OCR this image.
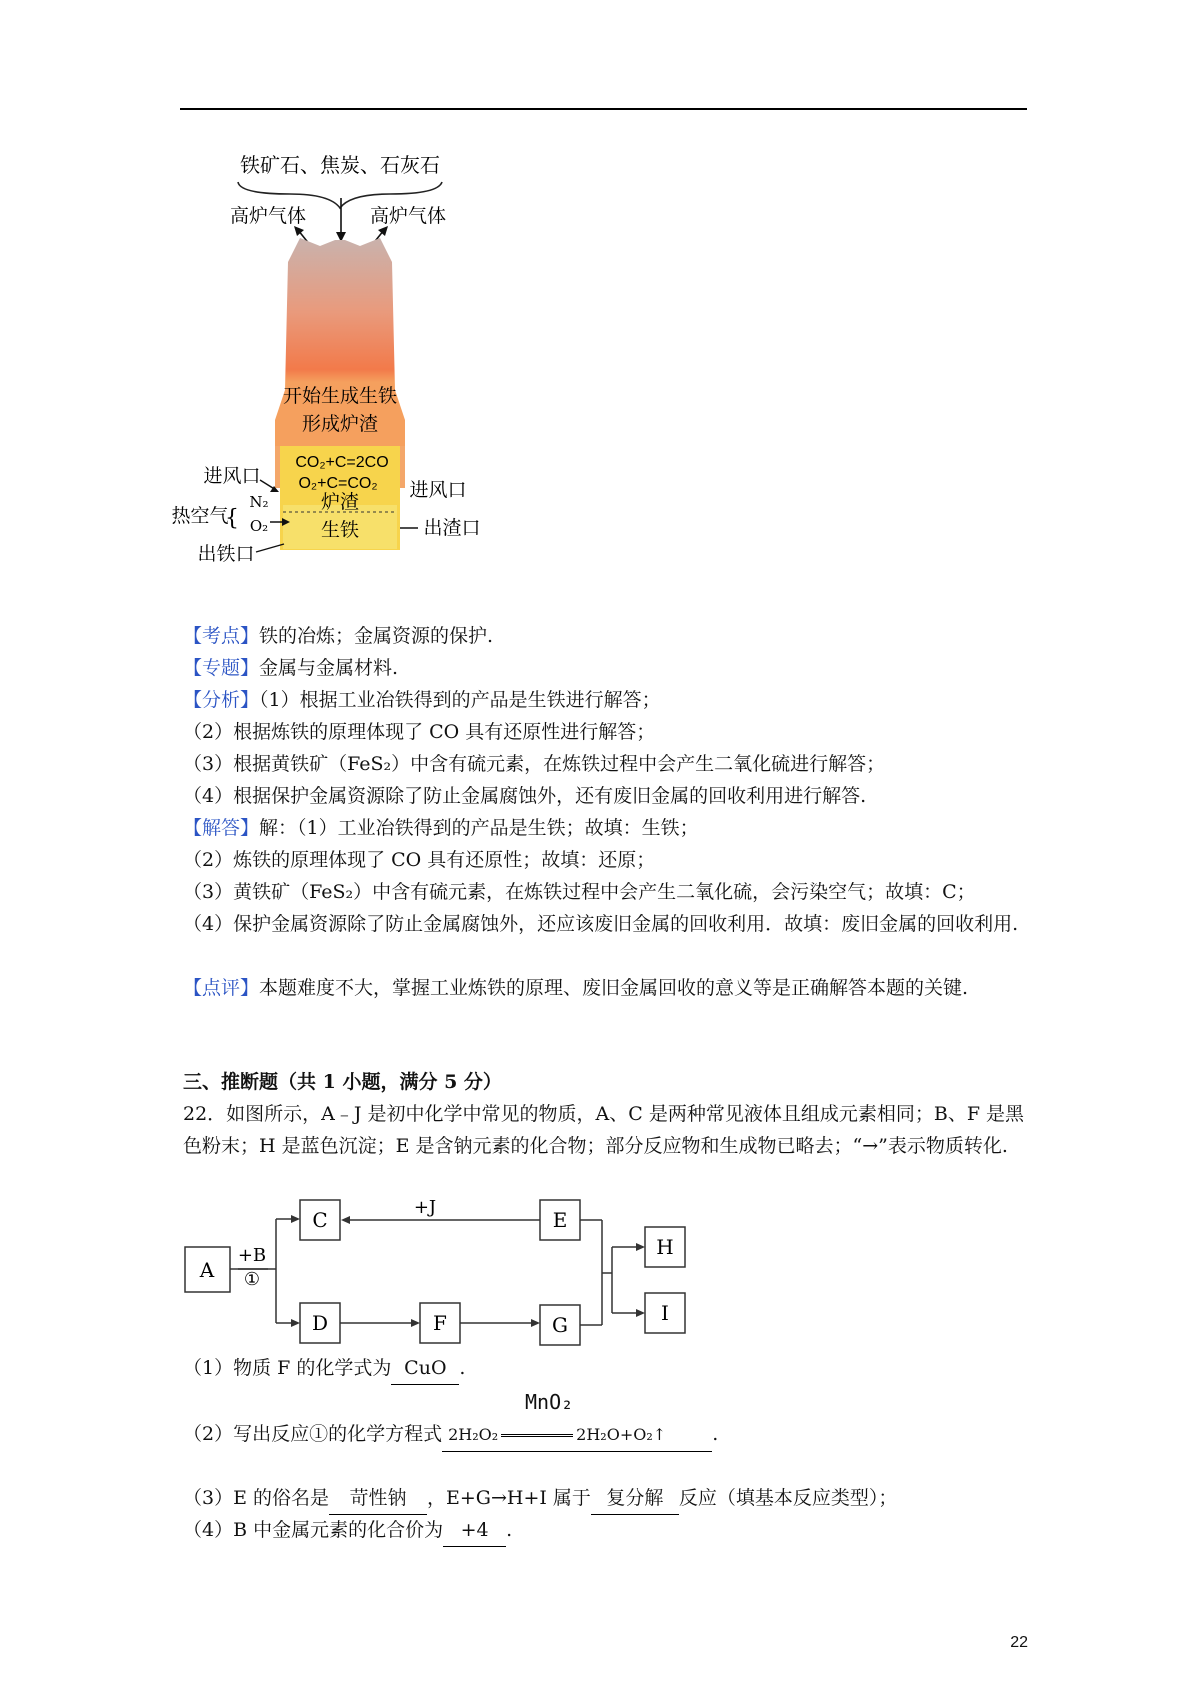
铁矿石、焦炭、石灰石
高炉气体	高炉气体
开始生成生铁
形成炉渣
CO₂+C=2CO
O₂+C=CO₂
炉渣
生铁
进风口
进风口
热空气
{
N₂
O₂	出渣口
出铁口
【考点】铁的冶炼；金属资源的保护.
【专题】金属与金属材料.
【分析】（1）根据工业冶铁得到的产品是生铁进行解答；
（2）根据炼铁的原理体现了 CO 具有还原性进行解答；
（3）根据黄铁矿（FeS₂）中含有硫元素，在炼铁过程中会产生二氧化硫进行解答；
（4）根据保护金属资源除了防止金属腐蚀外，还有废旧金属的回收利用进行解答.
【解答】解：（1）工业冶铁得到的产品是生铁；故填：生铁；
（2）炼铁的原理体现了 CO 具有还原性；故填：还原；
（3）黄铁矿（FeS₂）中含有硫元素，在炼铁过程中会产生二氧化硫，会污染空气；故填：C；
（4）保护金属资源除了防止金属腐蚀外，还应该废旧金属的回收利用．故填：废旧金属的回收利用.
【点评】本题难度不大，掌握工业炼铁的原理、废旧金属回收的意义等是正确解答本题的关键.
三、推断题（共 1 小题，满分 5 分）
22．如图所示，A﹣J 是初中化学中常见的物质，A、C 是两种常见液体且组成元素相同；B、F 是黑色粉末；H 是蓝色沉淀；E 是含钠元素的化合物；部分反应物和生成物已略去；“→”表示物质转化.
A
C	E
D	F	G
H
I
+B
①
+J
（1）物质 F 的化学式为 CuO .
MnO₂
（2）写出反应①的化学方程式 2H₂O₂	2H₂O+O₂↑ .
（3）E 的俗名是 苛性钠 ，E+G→H+I 属于 复分解 反应（填基本反应类型）；
（4）B 中金属元素的化合价为 +4 .
22
